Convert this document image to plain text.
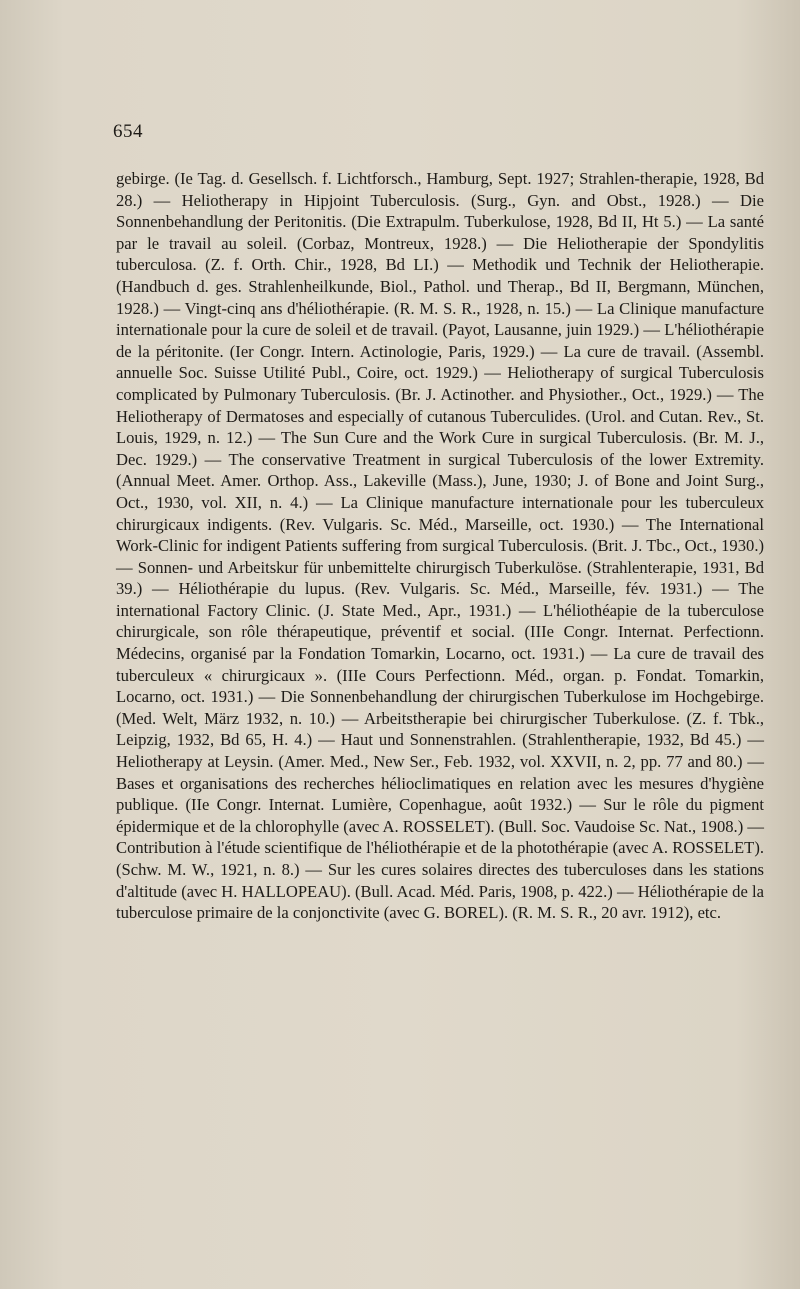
654

gebirge. (Ie Tag. d. Gesellsch. f. Lichtforsch., Hamburg, Sept. 1927; Strahlen-therapie, 1928, Bd 28.) — Heliotherapy in Hipjoint Tuberculosis. (Surg., Gyn. and Obst., 1928.) — Die Sonnenbehandlung der Peritonitis. (Die Extrapulm. Tuberkulose, 1928, Bd II, Ht 5.) — La santé par le travail au soleil. (Corbaz, Montreux, 1928.) — Die Heliotherapie der Spondylitis tuberculosa. (Z. f. Orth. Chir., 1928, Bd LI.) — Methodik und Technik der Heliotherapie. (Handbuch d. ges. Strahlenheilkunde, Biol., Pathol. und Therap., Bd II, Bergmann, München, 1928.) — Vingt-cinq ans d'héliothérapie. (R. M. S. R., 1928, n. 15.) — La Clinique manufacture internationale pour la cure de soleil et de travail. (Payot, Lausanne, juin 1929.) — L'héliothérapie de la péritonite. (Ier Congr. Intern. Actinologie, Paris, 1929.) — La cure de travail. (Assembl. annuelle Soc. Suisse Utilité Publ., Coire, oct. 1929.) — Heliotherapy of surgical Tuberculosis complicated by Pulmonary Tuberculosis. (Br. J. Actinother. and Physiother., Oct., 1929.) — The Heliotherapy of Dermatoses and especially of cutanous Tuberculides. (Urol. and Cutan. Rev., St. Louis, 1929, n. 12.) — The Sun Cure and the Work Cure in surgical Tuberculosis. (Br. M. J., Dec. 1929.) — The conservative Treatment in surgical Tuberculosis of the lower Extremity. (Annual Meet. Amer. Orthop. Ass., Lakeville (Mass.), June, 1930; J. of Bone and Joint Surg., Oct., 1930, vol. XII, n. 4.) — La Clinique manufacture internationale pour les tuberculeux chirurgicaux indigents. (Rev. Vulgaris. Sc. Méd., Marseille, oct. 1930.) — The International Work-Clinic for indigent Patients suffering from surgical Tuberculosis. (Brit. J. Tbc., Oct., 1930.) — Sonnen- und Arbeitskur für unbemittelte chirurgisch Tuberkulöse. (Strahlenterapie, 1931, Bd 39.) — Héliothérapie du lupus. (Rev. Vulgaris. Sc. Méd., Marseille, fév. 1931.) — The international Factory Clinic. (J. State Med., Apr., 1931.) — L'héliothéapie de la tuberculose chirurgicale, son rôle thérapeutique, préventif et social. (IIIe Congr. Internat. Perfectionn. Médecins, organisé par la Fondation Tomarkin, Locarno, oct. 1931.) — La cure de travail des tuberculeux « chirurgicaux ». (IIIe Cours Perfectionn. Méd., organ. p. Fondat. Tomarkin, Locarno, oct. 1931.) — Die Sonnenbehandlung der chirurgischen Tuberkulose im Hochgebirge. (Med. Welt, März 1932, n. 10.) — Arbeitstherapie bei chirurgischer Tuberkulose. (Z. f. Tbk., Leipzig, 1932, Bd 65, H. 4.) — Haut und Sonnenstrahlen. (Strahlentherapie, 1932, Bd 45.) — Heliotherapy at Leysin. (Amer. Med., New Ser., Feb. 1932, vol. XXVII, n. 2, pp. 77 and 80.) —Bases et organisations des recherches hélioclimatiques en relation avec les mesures d'hygiène publique. (IIe Congr. Internat. Lumière, Copenhague, août 1932.) — Sur le rôle du pigment épidermique et de la chlorophylle (avec A. ROSSELET). (Bull. Soc. Vaudoise Sc. Nat., 1908.) — Contribution à l'étude scientifique de l'héliothérapie et de la photothérapie (avec A. ROSSELET). (Schw. M. W., 1921, n. 8.) — Sur les cures solaires directes des tuberculoses dans les stations d'altitude (avec H. HALLOPEAU). (Bull. Acad. Méd. Paris, 1908, p. 422.) — Héliothérapie de la tuberculose primaire de la conjonctivite (avec G. BOREL). (R. M. S. R., 20 avr. 1912), etc.
